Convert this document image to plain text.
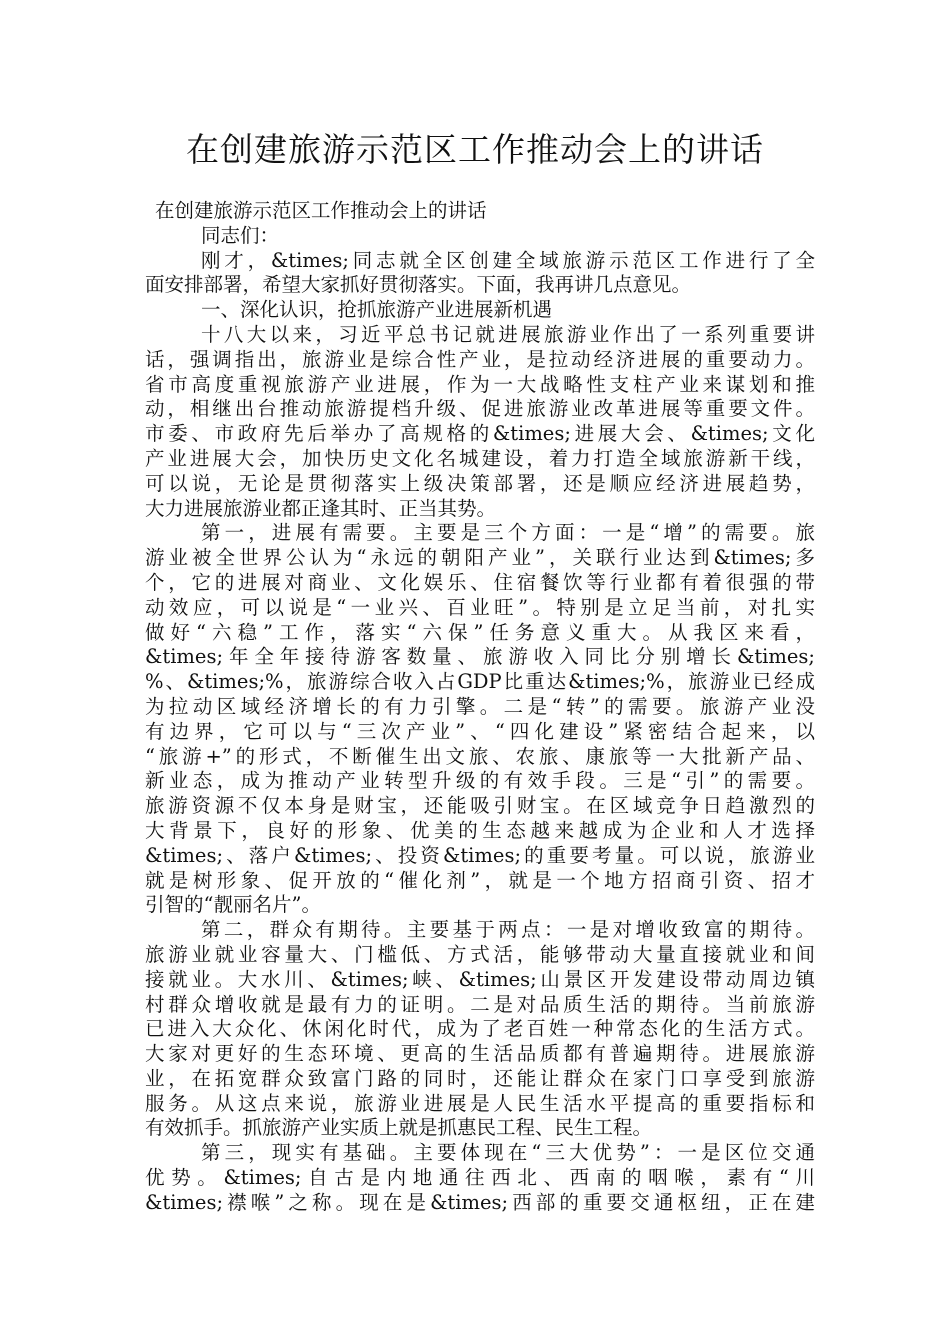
在创建旅游示范区工作推动会上的讲话
在创建旅游示范区工作推动会上的讲话
同志们：
刚才，&times;同志就全区创建全域旅游示范区工作进行了全
面安排部署，希望大家抓好贯彻落实。下面，我再讲几点意见。
一、深化认识，抢抓旅游产业进展新机遇
十八大以来，习近平总书记就进展旅游业作出了一系列重要讲
话，强调指出，旅游业是综合性产业，是拉动经济进展的重要动力。
省市高度重视旅游产业进展，作为一大战略性支柱产业来谋划和推
动，相继出台推动旅游提档升级、促进旅游业改革进展等重要文件。
市委、市政府先后举办了高规格的&times;进展大会、&times;文化
产业进展大会，加快历史文化名城建设，着力打造全域旅游新干线，
可以说，无论是贯彻落实上级决策部署，还是顺应经济进展趋势，
大力进展旅游业都正逢其时、正当其势。
第一，进展有需要。主要是三个方面：一是“增”的需要。旅
游业被全世界公认为“永远的朝阳产业”，关联行业达到&times;多
个，它的进展对商业、文化娱乐、住宿餐饮等行业都有着很强的带
动效应，可以说是“一业兴、百业旺”。特别是立足当前，对扎实
做好“六稳”工作，落实“六保”任务意义重大。从我区来看，
&times;年全年接待游客数量、旅游收入同比分别增长&times;
%、&times;%，旅游综合收入占GDP比重达&times;%，旅游业已经成
为拉动区域经济增长的有力引擎。二是“转”的需要。旅游产业没
有边界，它可以与“三次产业”、“四化建设”紧密结合起来，以
“旅游+”的形式，不断催生出文旅、农旅、康旅等一大批新产品、
新业态，成为推动产业转型升级的有效手段。三是“引”的需要。
旅游资源不仅本身是财宝，还能吸引财宝。在区域竞争日趋激烈的
大背景下，良好的形象、优美的生态越来越成为企业和人才选择
&times;、落户&times;、投资&times;的重要考量。可以说，旅游业
就是树形象、促开放的“催化剂”，就是一个地方招商引资、招才
引智的“靓丽名片”。
第二，群众有期待。主要基于两点：一是对增收致富的期待。
旅游业就业容量大、门槛低、方式活，能够带动大量直接就业和间
接就业。大水川、&times;峡、&times;山景区开发建设带动周边镇
村群众增收就是最有力的证明。二是对品质生活的期待。当前旅游
已进入大众化、休闲化时代，成为了老百姓一种常态化的生活方式。
大家对更好的生态环境、更高的生活品质都有普遍期待。进展旅游
业，在拓宽群众致富门路的同时，还能让群众在家门口享受到旅游
服务。从这点来说，旅游业进展是人民生活水平提高的重要指标和
有效抓手。抓旅游产业实质上就是抓惠民工程、民生工程。
第三，现实有基础。主要体现在“三大优势”：一是区位交通
优势。&times;自古是内地通往西北、西南的咽喉，素有“川
&times;襟喉”之称。现在是&times;西部的重要交通枢纽，正在建
